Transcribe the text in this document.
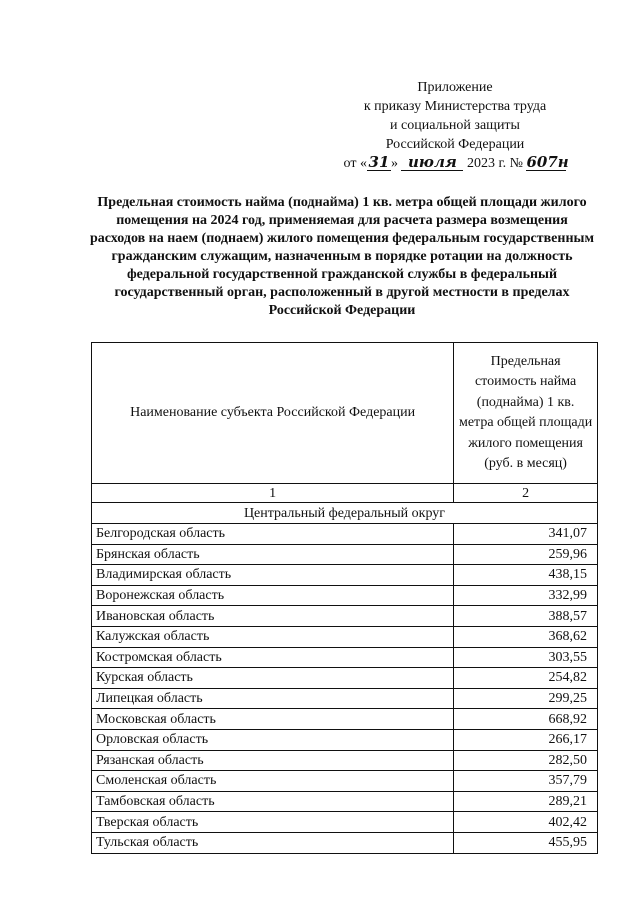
Приложение
к приказу Министерства труда
и социальной защиты
Российской Федерации
от « 31 » июля 2023 г. № 607н
Предельная стоимость найма (поднайма) 1 кв. метра общей площади жилого помещения на 2024 год, применяемая для расчета размера возмещения расходов на наем (поднаем) жилого помещения федеральным государственным гражданским служащим, назначенным в порядке ротации на должность федеральной государственной гражданской службы в федеральный государственный орган, расположенный в другой местности в пределах Российской Федерации
Наименование субъекта Российской Федерации	Предельная стоимость найма (поднайма) 1 кв. метра общей площади жилого помещения (руб. в месяц)
1	2
Центральный федеральный округ	
Белгородская область	341,07
Брянская область	259,96
Владимирская область	438,15
Воронежская область	332,99
Ивановская область	388,57
Калужская область	368,62
Костромская область	303,55
Курская область	254,82
Липецкая область	299,25
Московская область	668,92
Орловская область	266,17
Рязанская область	282,50
Смоленская область	357,79
Тамбовская область	289,21
Тверская область	402,42
Тульская область	455,95
